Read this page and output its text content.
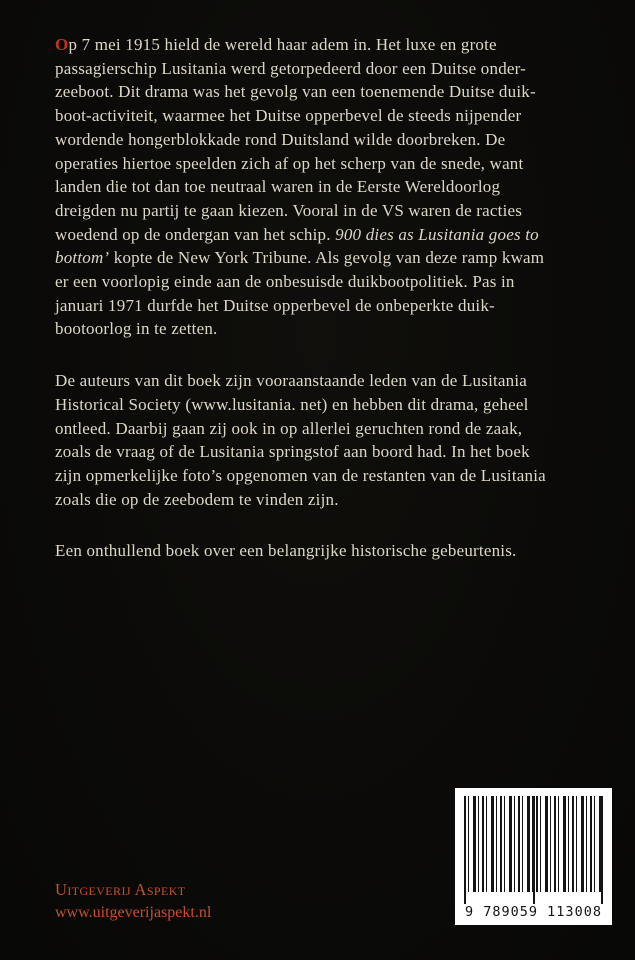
Op 7 mei 1915 hield de wereld haar adem in. Het luxe en grote
passagierschip Lusitania werd getorpedeerd door een Duitse onder-
zeeboot. Dit drama was het gevolg van een toenemende Duitse duik-
boot-activiteit, waarmee het Duitse opperbevel de steeds nijpender
wordende hongerblokkade rond Duitsland wilde doorbreken. De
operaties hiertoe speelden zich af op het scherp van de snede, want
landen die tot dan toe neutraal waren in de Eerste Wereldoorlog
dreigden nu partij te gaan kiezen. Vooral in de VS waren de racties
woedend op de ondergan van het schip. 900 dies as Lusitania goes to
bottom’ kopte de New York Tribune. Als gevolg van deze ramp kwam
er een voorlopig einde aan de onbesuisde duikbootpolitiek. Pas in
januari 1971 durfde het Duitse opperbevel de onbeperkte duik-
bootoorlog in te zetten.
De auteurs van dit boek zijn vooraanstaande leden van de Lusitania
Historical Society (www.lusitania. net) en hebben dit drama, geheel
ontleed. Daarbij gaan zij ook in op allerlei geruchten rond de zaak,
zoals de vraag of de Lusitania springstof aan boord had. In het boek
zijn opmerkelijke foto’s opgenomen van de restanten van de Lusitania
zoals die op de zeebodem te vinden zijn.
Een onthullend boek over een belangrijke historische gebeurtenis.
Uitgeverij Aspekt
www.uitgeverijaspekt.nl	9 789059 113008
